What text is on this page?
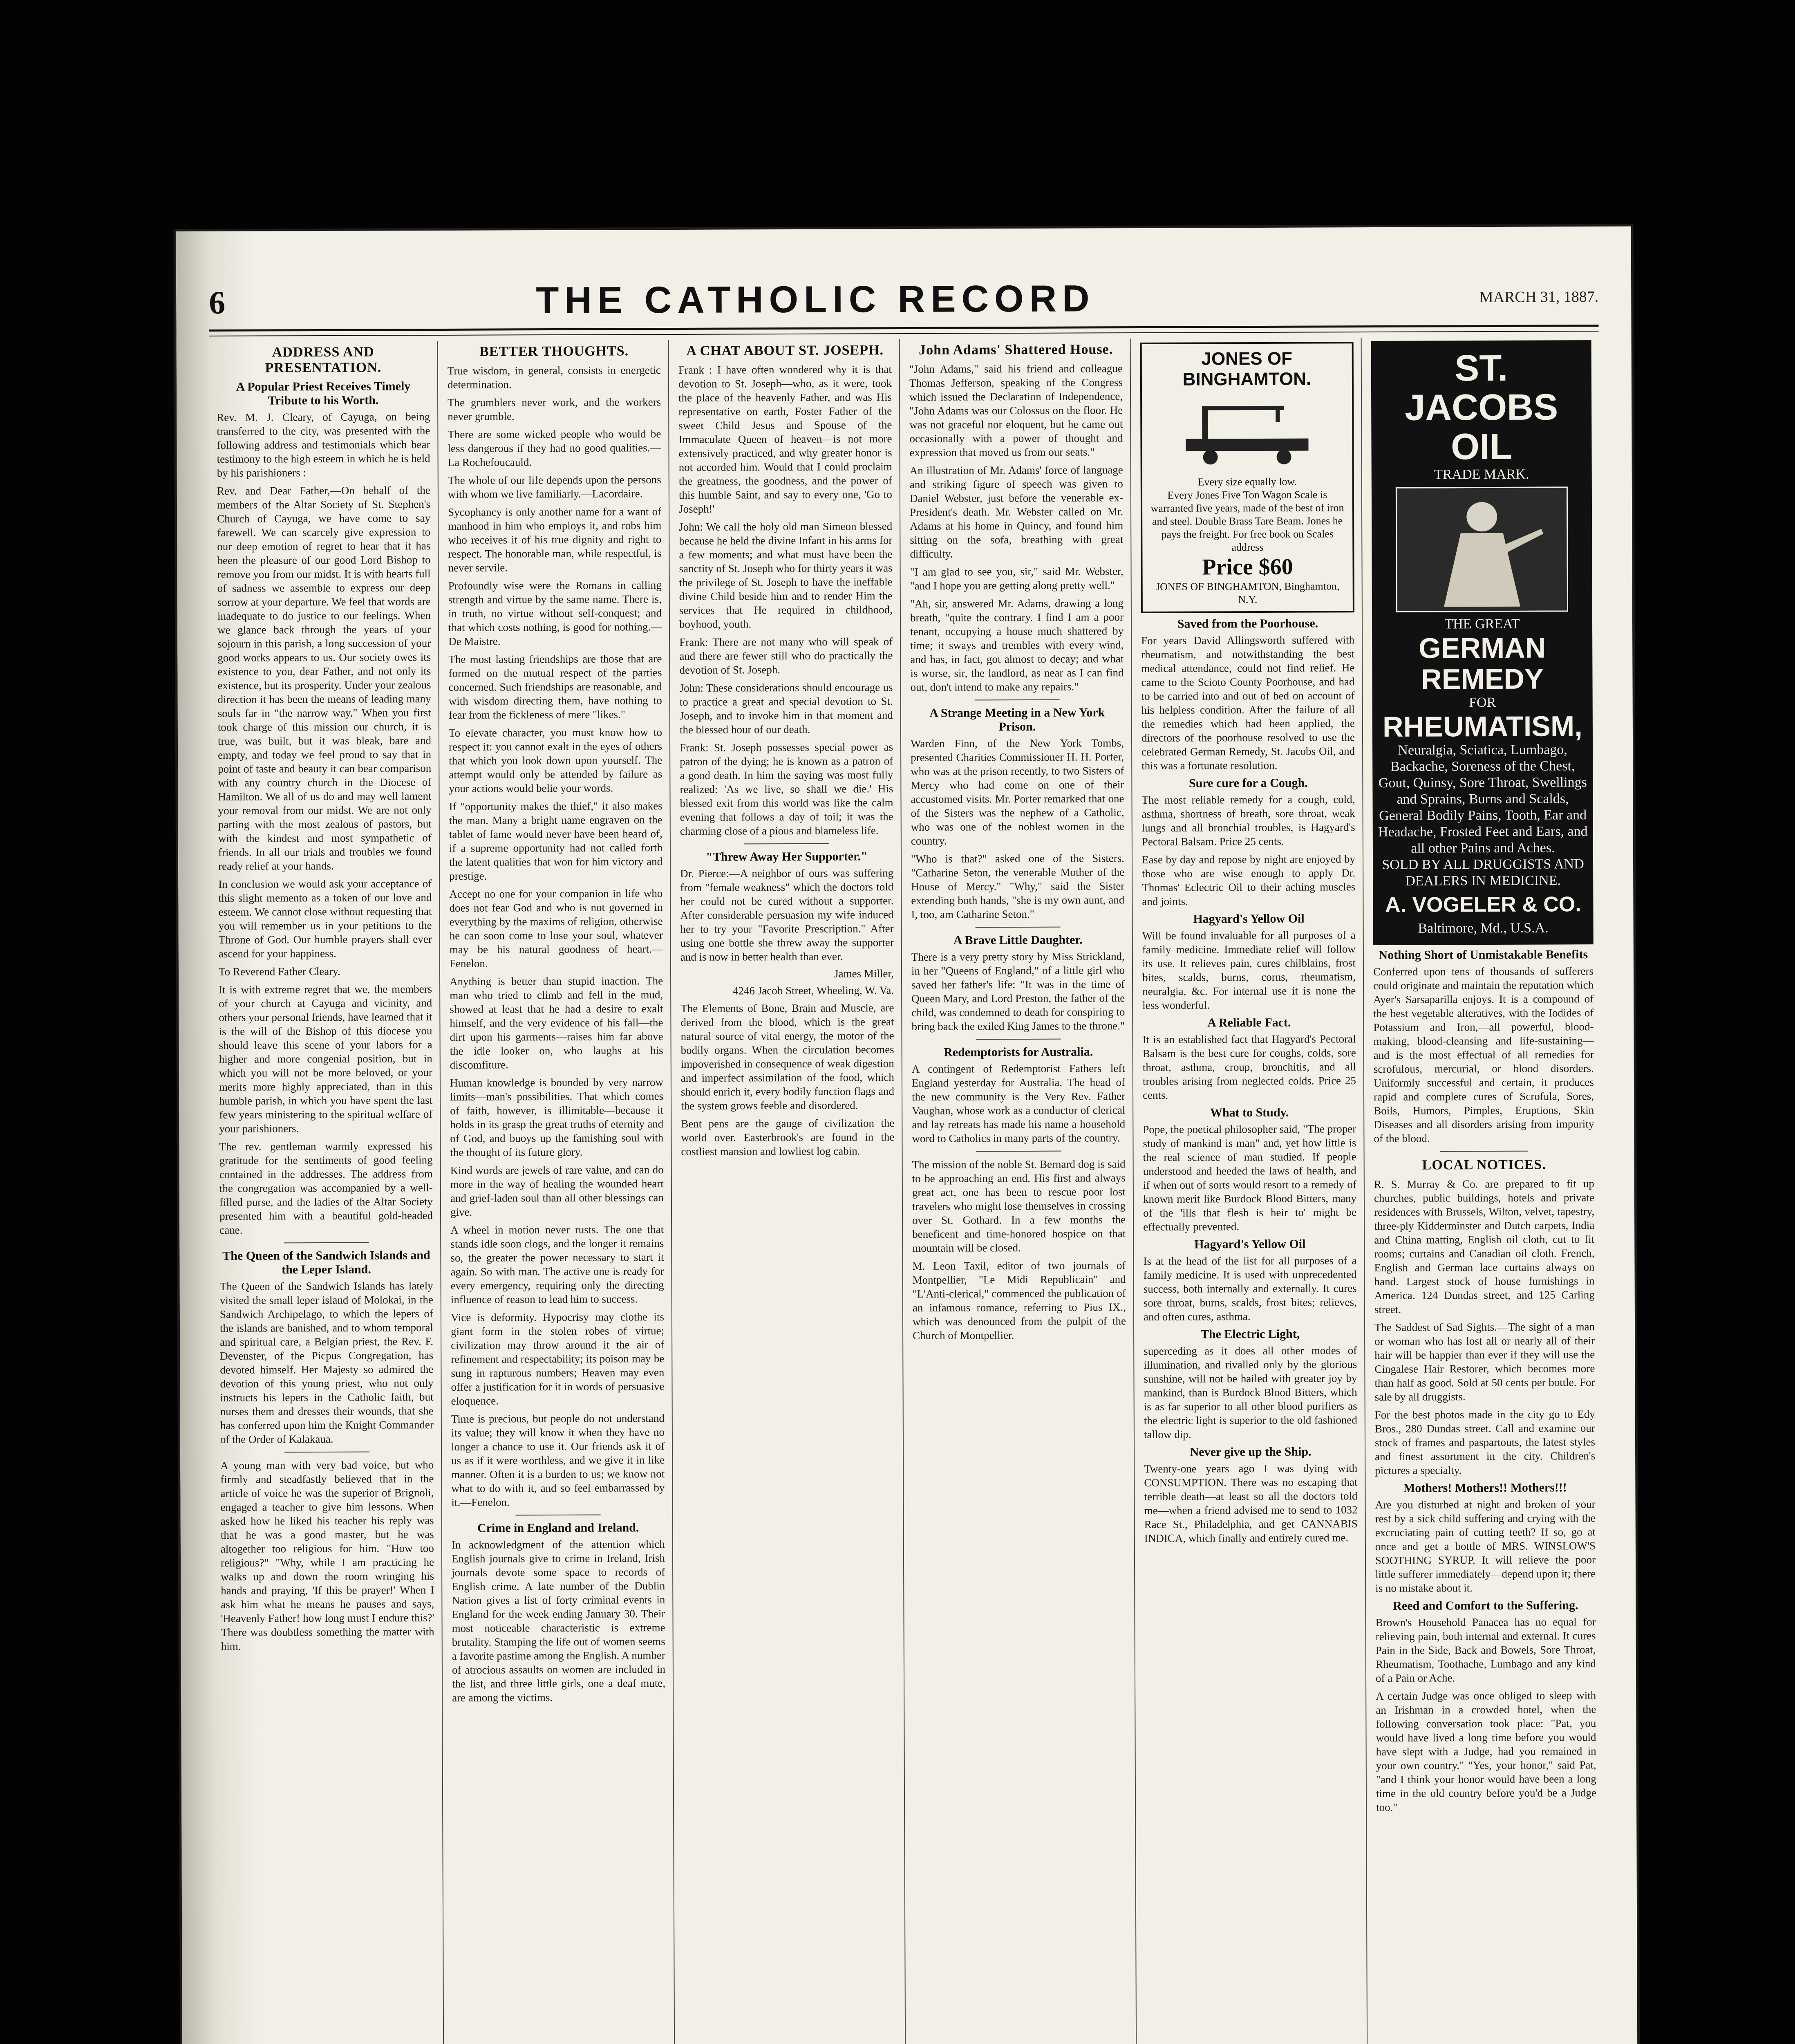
6	THE CATHOLIC RECORD	MARCH 31, 1887.
ADDRESS AND PRESENTATION.
A Popular Priest Receives Timely Tribute to his Worth.

Rev. M. J. Cleary, of Cayuga, on being transferred to the city, was presented with the following address and testimonials which bear testimony to the high esteem in which he is held by his parishioners :

Rev. and Dear Father,—On behalf of the members of the Altar Society of St. Stephen's Church of Cayuga, we have come to say farewell. We can scarcely give expression to our deep emotion of regret to hear that it has been the pleasure of our good Lord Bishop to remove you from our midst. It is with hearts full of sadness we assemble to express our deep sorrow at your departure. We feel that words are inadequate to do justice to our feelings. When we glance back through the years of your sojourn in this parish, a long succession of your good works appears to us. Our society owes its existence to you, dear Father, and not only its existence, but its prosperity. Under your zealous direction it has been the means of leading many souls far in "the narrow way." When you first took charge of this mission our church, it is true, was built, but it was bleak, bare and empty, and today we feel proud to say that in point of taste and beauty it can bear comparison with any country church in the Diocese of Hamilton. We all of us do and may well lament your removal from our midst. We are not only parting with the most zealous of pastors, but with the kindest and most sympathetic of friends. In all our trials and troubles we found ready relief at your hands.

In conclusion we would ask your acceptance of this slight memento as a token of our love and esteem. We cannot close without requesting that you will remember us in your petitions to the Throne of God. Our humble prayers shall ever ascend for your happiness.

To Reverend Father Cleary.

It is with extreme regret that we, the members of your church at Cayuga and vicinity, and others your personal friends, have learned that it is the will of the Bishop of this diocese you should leave this scene of your labors for a higher and more congenial position, but in which you will not be more beloved, or your merits more highly appreciated, than in this humble parish, in which you have spent the last few years ministering to the spiritual welfare of your parishioners.

The rev. gentleman warmly expressed his gratitude for the sentiments of good feeling contained in the addresses. The address from the congregation was accompanied by a well-filled purse, and the ladies of the Altar Society presented him with a beautiful gold-headed cane.

The Queen of the Sandwich Islands and the Leper Island.

The Queen of the Sandwich Islands has lately visited the small leper island of Molokai, in the Sandwich Archipelago, to which the lepers of the islands are banished, and to whom temporal and spiritual care, a Belgian priest, the Rev. F. Devenster, of the Picpus Congregation, has devoted himself. Her Majesty so admired the devotion of this young priest, who not only instructs his lepers in the Catholic faith, but nurses them and dresses their wounds, that she has conferred upon him the Knight Commander of the Order of Kalakaua.

A young man with very bad voice, but who firmly and steadfastly believed that in the article of voice he was the superior of Brignoli, engaged a teacher to give him lessons. When asked how he liked his teacher his reply was that he was a good master, but he was altogether too religious for him. "How too religious?" "Why, while I am practicing he walks up and down the room wringing his hands and praying, 'If this be prayer!' When I ask him what he means he pauses and says, 'Heavenly Father! how long must I endure this?' There was doubtless something the matter with him.

BETTER THOUGHTS.

True wisdom, in general, consists in energetic determination.

The grumblers never work, and the workers never grumble.

There are some wicked people who would be less dangerous if they had no good qualities.—La Rochefoucauld.

The whole of our life depends upon the persons with whom we live familiarly.—Lacordaire.

Sycophancy is only another name for a want of manhood in him who employs it, and robs him who receives it of his true dignity and right to respect. The honorable man, while respectful, is never servile.

Profoundly wise were the Romans in calling strength and virtue by the same name. There is, in truth, no virtue without self-conquest; and that which costs nothing, is good for nothing.—De Maistre.

The most lasting friendships are those that are formed on the mutual respect of the parties concerned. Such friendships are reasonable, and with wisdom directing them, have nothing to fear from the fickleness of mere "likes."

To elevate character, you must know how to respect it: you cannot exalt in the eyes of others that which you look down upon yourself. The attempt would only be attended by failure as your actions would belie your words.

If "opportunity makes the thief," it also makes the man. Many a bright name engraven on the tablet of fame would never have been heard of, if a supreme opportunity had not called forth the latent qualities that won for him victory and prestige.

Accept no one for your companion in life who does not fear God and who is not governed in everything by the maxims of religion, otherwise he can soon come to lose your soul, whatever may be his natural goodness of heart.—Fenelon.

Anything is better than stupid inaction. The man who tried to climb and fell in the mud, showed at least that he had a desire to exalt himself, and the very evidence of his fall—the dirt upon his garments—raises him far above the idle looker on, who laughs at his discomfiture.

Human knowledge is bounded by very narrow limits—man's possibilities. That which comes of faith, however, is illimitable—because it holds in its grasp the great truths of eternity and of God, and buoys up the famishing soul with the thought of its future glory.

Kind words are jewels of rare value, and can do more in the way of healing the wounded heart and grief-laden soul than all other blessings can give.

A wheel in motion never rusts. The one that stands idle soon clogs, and the longer it remains so, the greater the power necessary to start it again. So with man. The active one is ready for every emergency, requiring only the directing influence of reason to lead him to success.

Vice is deformity. Hypocrisy may clothe its giant form in the stolen robes of virtue; civilization may throw around it the air of refinement and respectability; its poison may be sung in rapturous numbers; Heaven may even offer a justification for it in words of persuasive eloquence.

Time is precious, but people do not understand its value; they will know it when they have no longer a chance to use it. Our friends ask it of us as if it were worthless, and we give it in like manner. Often it is a burden to us; we know not what to do with it, and so feel embarrassed by it.—Fenelon.

Crime in England and Ireland.

In acknowledgment of the attention which English journals give to crime in Ireland, Irish journals devote some space to records of English crime. A late number of the Dublin Nation gives a list of forty criminal events in England for the week ending January 30. Their most noticeable characteristic is extreme brutality. Stamping the life out of women seems a favorite pastime among the English. A number of atrocious assaults on women are included in the list, and three little girls, one a deaf mute, are among the victims.

A CHAT ABOUT ST. JOSEPH.

Frank : I have often wondered why it is that devotion to St. Joseph—who, as it were, took the place of the heavenly Father, and was His representative on earth, Foster Father of the sweet Child Jesus and Spouse of the Immaculate Queen of heaven—is not more extensively practiced, and why greater honor is not accorded him. Would that I could proclaim the greatness, the goodness, and the power of this humble Saint, and say to every one, 'Go to Joseph!'

John: We call the holy old man Simeon blessed because he held the divine Infant in his arms for a few moments; and what must have been the sanctity of St. Joseph who for thirty years it was the privilege of St. Joseph to have the ineffable divine Child beside him and to render Him the services that He required in childhood, boyhood, youth.

Frank: There are not many who will speak of and there are fewer still who do practically the devotion of St. Joseph.

John: These considerations should encourage us to practice a great and special devotion to St. Joseph, and to invoke him in that moment and the blessed hour of our death.

Frank: St. Joseph possesses special power as patron of the dying; he is known as a patron of a good death. In him the saying was most fully realized: 'As we live, so shall we die.' His blessed exit from this world was like the calm evening that follows a day of toil; it was the charming close of a pious and blameless life.

"Threw Away Her Supporter."

Dr. Pierce:—A neighbor of ours was suffering from "female weakness" which the doctors told her could not be cured without a supporter. After considerable persuasion my wife induced her to try your "Favorite Prescription." After using one bottle she threw away the supporter and is now in better health than ever.

James Miller,
4246 Jacob Street, Wheeling, W. Va.

The Elements of Bone, Brain and Muscle, are derived from the blood, which is the great natural source of vital energy, the motor of the bodily organs. When the circulation becomes impoverished in consequence of weak digestion and imperfect assimilation of the food, which should enrich it, every bodily function flags and the system grows feeble and disordered.

Bent pens are the gauge of civilization the world over. Easterbrook's are found in the costliest mansion and lowliest log cabin.

John Adams' Shattered House.

"John Adams," said his friend and colleague Thomas Jefferson, speaking of the Congress which issued the Declaration of Independence, "John Adams was our Colossus on the floor. He was not graceful nor eloquent, but he came out occasionally with a power of thought and expression that moved us from our seats."

An illustration of Mr. Adams' force of language and striking figure of speech was given to Daniel Webster, just before the venerable ex-President's death. Mr. Webster called on Mr. Adams at his home in Quincy, and found him sitting on the sofa, breathing with great difficulty.

"I am glad to see you, sir," said Mr. Webster, "and I hope you are getting along pretty well."

"Ah, sir, answered Mr. Adams, drawing a long breath, "quite the contrary. I find I am a poor tenant, occupying a house much shattered by time; it sways and trembles with every wind, and has, in fact, got almost to decay; and what is worse, sir, the landlord, as near as I can find out, don't intend to make any repairs."

A Strange Meeting in a New York Prison.

Warden Finn, of the New York Tombs, presented Charities Commissioner H. H. Porter, who was at the prison recently, to two Sisters of Mercy who had come on one of their accustomed visits. Mr. Porter remarked that one of the Sisters was the nephew of a Catholic, who was one of the noblest women in the country.

"Who is that?" asked one of the Sisters. "Catharine Seton, the venerable Mother of the House of Mercy." "Why," said the Sister extending both hands, "she is my own aunt, and I, too, am Catharine Seton."

A Brave Little Daughter.

There is a very pretty story by Miss Strickland, in her "Queens of England," of a little girl who saved her father's life: "It was in the time of Queen Mary, and Lord Preston, the father of the child, was condemned to death for conspiring to bring back the exiled King James to the throne."

Redemptorists for Australia.

A contingent of Redemptorist Fathers left England yesterday for Australia. The head of the new community is the Very Rev. Father Vaughan, whose work as a conductor of clerical and lay retreats has made his name a household word to Catholics in many parts of the country.

The mission of the noble St. Bernard dog is said to be approaching an end. His first and always great act, one has been to rescue poor lost travelers who might lose themselves in crossing over St. Gothard. In a few months the beneficent and time-honored hospice on that mountain will be closed.

M. Leon Taxil, editor of two journals of Montpellier, "Le Midi Republicain" and "L'Anti-clerical," commenced the publication of an infamous romance, referring to Pius IX., which was denounced from the pulpit of the Church of Montpellier.

JONES OF BINGHAMTON.
Every size equally low.
Every Jones Five Ton Wagon Scale is warranted five years, made of the best of iron and steel. Double Brass Tare Beam. Jones he pays the freight. For free book on Scales address
Price $60
JONES OF BINGHAMTON, Binghamton, N.Y.
Saved from the Poorhouse.

For years David Allingsworth suffered with rheumatism, and notwithstanding the best medical attendance, could not find relief. He came to the Scioto County Poorhouse, and had to be carried into and out of bed on account of his helpless condition. After the failure of all the remedies which had been applied, the directors of the poorhouse resolved to use the celebrated German Remedy, St. Jacobs Oil, and this was a fortunate resolution.

Sure cure for a Cough.

The most reliable remedy for a cough, cold, asthma, shortness of breath, sore throat, weak lungs and all bronchial troubles, is Hagyard's Pectoral Balsam. Price 25 cents.

Ease by day and repose by night are enjoyed by those who are wise enough to apply Dr. Thomas' Eclectric Oil to their aching muscles and joints.

Hagyard's Yellow Oil

Will be found invaluable for all purposes of a family medicine. Immediate relief will follow its use. It relieves pain, cures chilblains, frost bites, scalds, burns, corns, rheumatism, neuralgia, &c. For internal use it is none the less wonderful.

A Reliable Fact.

It is an established fact that Hagyard's Pectoral Balsam is the best cure for coughs, colds, sore throat, asthma, croup, bronchitis, and all troubles arising from neglected colds. Price 25 cents.

What to Study.

Pope, the poetical philosopher said, "The proper study of mankind is man" and, yet how little is the real science of man studied. If people understood and heeded the laws of health, and if when out of sorts would resort to a remedy of known merit like Burdock Blood Bitters, many of the 'ills that flesh is heir to' might be effectually prevented.

Hagyard's Yellow Oil

Is at the head of the list for all purposes of a family medicine. It is used with unprecedented success, both internally and externally. It cures sore throat, burns, scalds, frost bites; relieves, and often cures, asthma.

The Electric Light,

superceding as it does all other modes of illumination, and rivalled only by the glorious sunshine, will not be hailed with greater joy by mankind, than is Burdock Blood Bitters, which is as far superior to all other blood purifiers as the electric light is superior to the old fashioned tallow dip.

Never give up the Ship.

Twenty-one years ago I was dying with CONSUMPTION. There was no escaping that terrible death—at least so all the doctors told me—when a friend advised me to send to 1032 Race St., Philadelphia, and get CANNABIS INDICA, which finally and entirely cured me.

ST. JACOBS OIL
TRADE MARK.
THE GREAT
GERMAN REMEDY
FOR
RHEUMATISM,
Neuralgia, Sciatica, Lumbago, Backache, Soreness of the Chest, Gout, Quinsy, Sore Throat, Swellings and Sprains, Burns and Scalds, General Bodily Pains, Tooth, Ear and Headache, Frosted Feet and Ears, and all other Pains and Aches.
SOLD BY ALL DRUGGISTS AND DEALERS IN MEDICINE.
A. VOGELER & CO.
Baltimore, Md., U.S.A.
Nothing Short of Unmistakable Benefits

Conferred upon tens of thousands of sufferers could originate and maintain the reputation which Ayer's Sarsaparilla enjoys. It is a compound of the best vegetable alteratives, with the Iodides of Potassium and Iron,—all powerful, blood-making, blood-cleansing and life-sustaining—and is the most effectual of all remedies for scrofulous, mercurial, or blood disorders. Uniformly successful and certain, it produces rapid and complete cures of Scrofula, Sores, Boils, Humors, Pimples, Eruptions, Skin Diseases and all disorders arising from impurity of the blood.

LOCAL NOTICES.

R. S. Murray & Co. are prepared to fit up churches, public buildings, hotels and private residences with Brussels, Wilton, velvet, tapestry, three-ply Kidderminster and Dutch carpets, India and China matting, English oil cloth, cut to fit rooms; curtains and Canadian oil cloth. French, English and German lace curtains always on hand. Largest stock of house furnishings in America. 124 Dundas street, and 125 Carling street.

The Saddest of Sad Sights.—The sight of a man or woman who has lost all or nearly all of their hair will be happier than ever if they will use the Cingalese Hair Restorer, which becomes more than half as good. Sold at 50 cents per bottle. For sale by all druggists.

For the best photos made in the city go to Edy Bros., 280 Dundas street. Call and examine our stock of frames and paspartouts, the latest styles and finest assortment in the city. Children's pictures a specialty.

Mothers! Mothers!! Mothers!!!

Are you disturbed at night and broken of your rest by a sick child suffering and crying with the excruciating pain of cutting teeth? If so, go at once and get a bottle of MRS. WINSLOW'S SOOTHING SYRUP. It will relieve the poor little sufferer immediately—depend upon it; there is no mistake about it.

Reed and Comfort to the Suffering.

Brown's Household Panacea has no equal for relieving pain, both internal and external. It cures Pain in the Side, Back and Bowels, Sore Throat, Rheumatism, Toothache, Lumbago and any kind of a Pain or Ache.

A certain Judge was once obliged to sleep with an Irishman in a crowded hotel, when the following conversation took place: "Pat, you would have lived a long time before you would have slept with a Judge, had you remained in your own country." "Yes, your honor," said Pat, "and I think your honor would have been a long time in the old country before you'd be a Judge too."
